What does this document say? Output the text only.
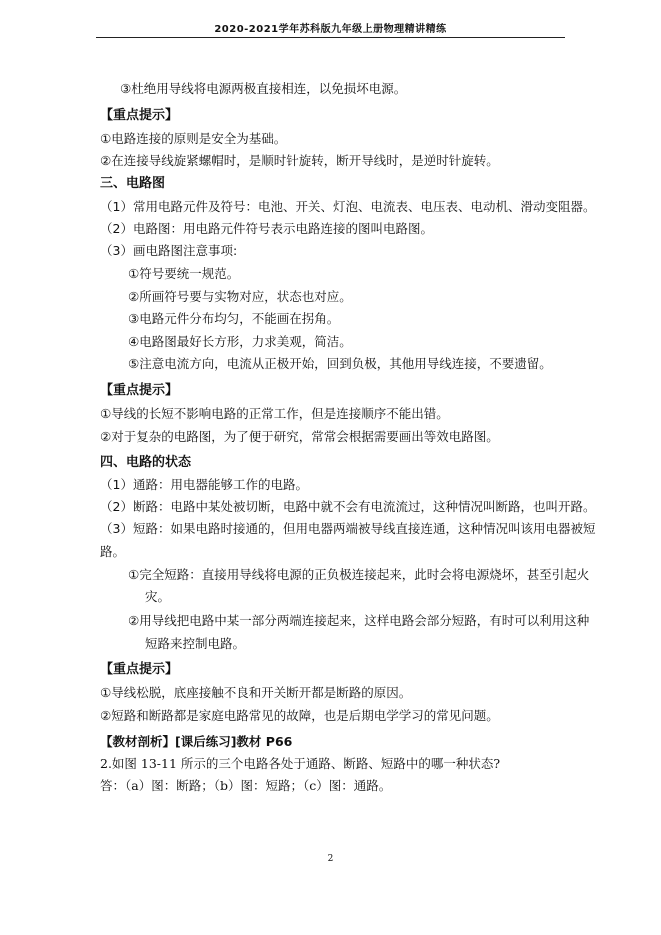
2020-2021学年苏科版九年级上册物理精讲精练
③杜绝用导线将电源两极直接相连，以免损坏电源。
【重点提示】
①电路连接的原则是安全为基础。
②在连接导线旋紧螺帽时，是顺时针旋转，断开导线时，是逆时针旋转。
三、电路图
（1）常用电路元件及符号：电池、开关、灯泡、电流表、电压表、电动机、滑动变阻器。
（2）电路图：用电路元件符号表示电路连接的图叫电路图。
（3）画电路图注意事项:
①符号要统一规范。
②所画符号要与实物对应，状态也对应。
③电路元件分布均匀，不能画在拐角。
④电路图最好长方形，力求美观，简洁。
⑤注意电流方向，电流从正极开始，回到负极，其他用导线连接，不要遗留。
【重点提示】
①导线的长短不影响电路的正常工作，但是连接顺序不能出错。
②对于复杂的电路图，为了便于研究，常常会根据需要画出等效电路图。
四、电路的状态
（1）通路：用电器能够工作的电路。
（2）断路：电路中某处被切断，电路中就不会有电流流过，这种情况叫断路，也叫开路。
（3）短路：如果电路时接通的，但用电器两端被导线直接连通，这种情况叫该用电器被短
路。
①完全短路：直接用导线将电源的正负极连接起来，此时会将电源烧坏，甚至引起火
灾。
②用导线把电路中某一部分两端连接起来，这样电路会部分短路，有时可以利用这种
短路来控制电路。
【重点提示】
①导线松脱，底座接触不良和开关断开都是断路的原因。
②短路和断路都是家庭电路常见的故障，也是后期电学学习的常见问题。
【教材剖析】[课后练习]教材 P66
2.如图 13-11 所示的三个电路各处于通路、断路、短路中的哪一种状态?
答：（a）图：断路；（b）图：短路；（c）图：通路。
2
